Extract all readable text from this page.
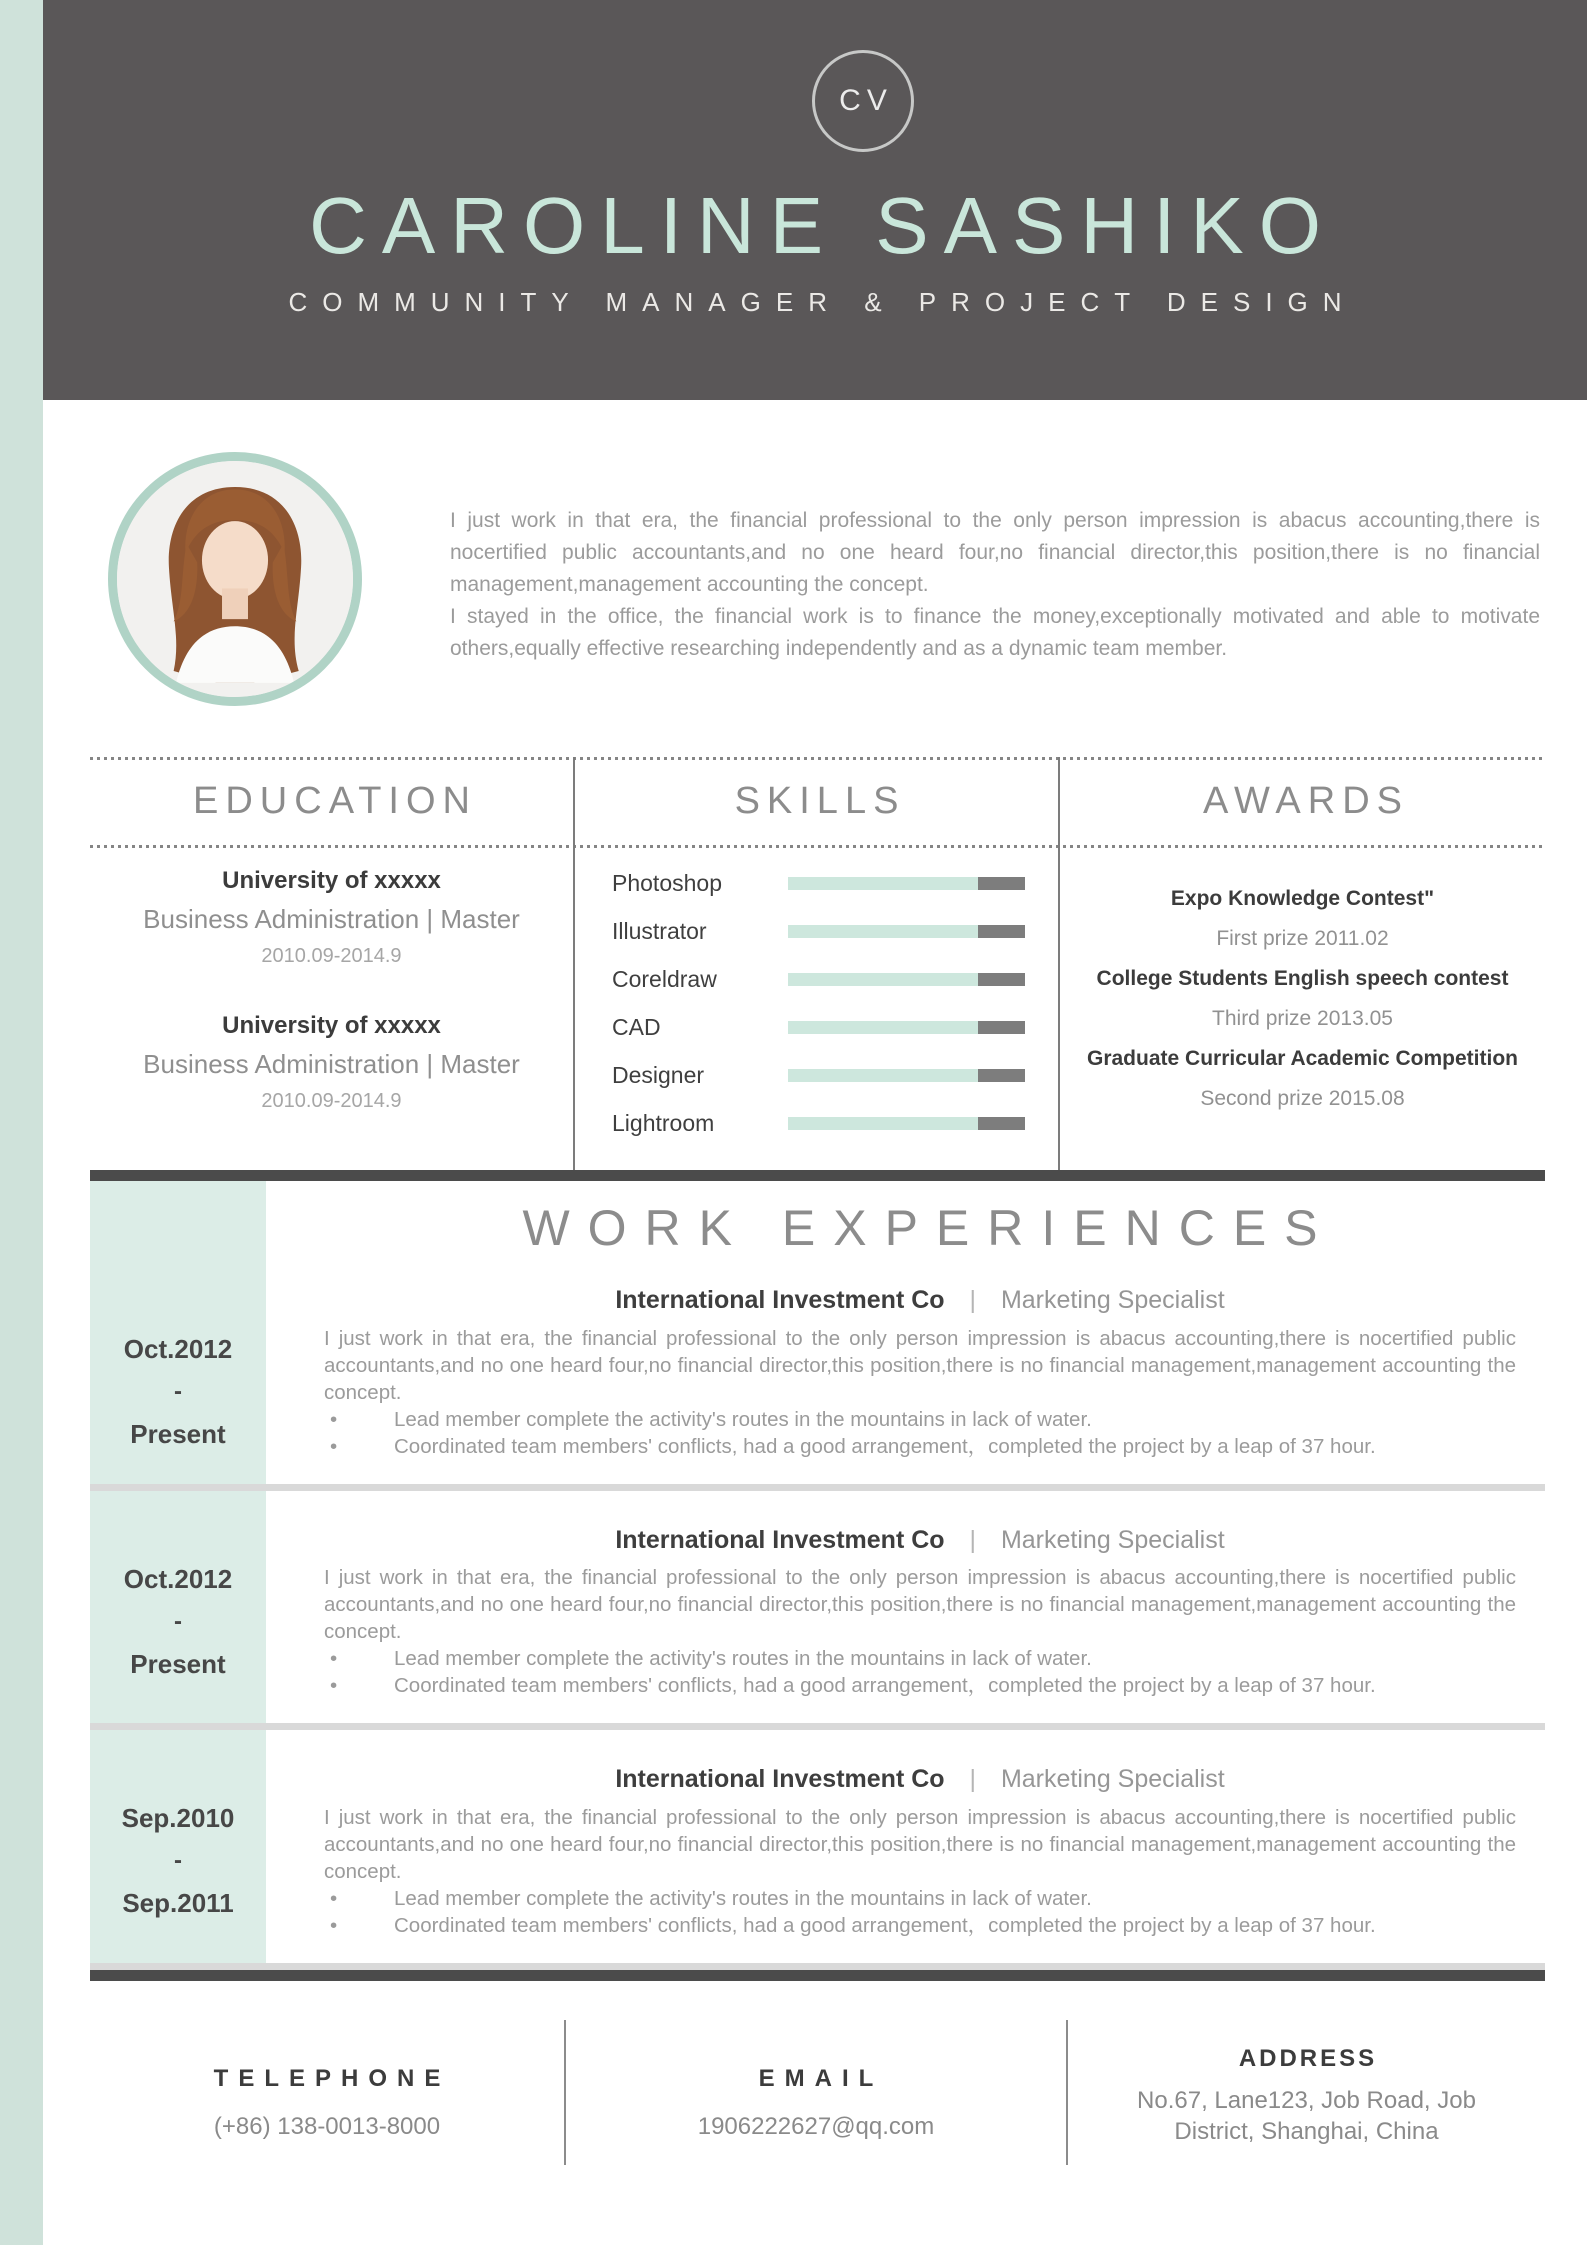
CV
CAROLINE SASHIKO
COMMUNITY MANAGER & PROJECT DESIGN

I just work in that era, the financial professional to the only person impression is abacus accounting,there is nocertified public accountants,and no one heard four,no financial director,this position,there is no financial management,management accounting the concept.

I stayed in the office, the financial work is to finance the money,exceptionally motivated and able to motivate others,equally effective researching independently and as a dynamic team member.

EDUCATION
University of xxxxx
Business Administration | Master
2010.09-2014.9
University of xxxxx
Business Administration | Master
2010.09-2014.9
SKILLS
Photoshop
Illustrator
Coreldraw
CAD
Designer
Lightroom
AWARDS
Expo Knowledge Contest"
First prize 2011.02
College Students English speech contest
Third prize 2013.05
Graduate Curricular Academic Competition
Second prize 2015.08
Oct.2012
-
Present
WORK EXPERIENCES
International Investment Co | Marketing Specialist

I just work in that era, the financial professional to the only person impression is abacus accounting,there is nocertified public accountants,and no one heard four,no financial director,this position,there is no financial management,management accounting the concept.

•	Lead member complete the activity's routes in the mountains in lack of water.
•	Coordinated team members' conflicts, had a good arrangement，completed the project by a leap of 37 hour.
Oct.2012
-
Present
International Investment Co | Marketing Specialist

I just work in that era, the financial professional to the only person impression is abacus accounting,there is nocertified public accountants,and no one heard four,no financial director,this position,there is no financial management,management accounting the concept.

•	Lead member complete the activity's routes in the mountains in lack of water.
•	Coordinated team members' conflicts, had a good arrangement，completed the project by a leap of 37 hour.
Sep.2010
-
Sep.2011
International Investment Co | Marketing Specialist

I just work in that era, the financial professional to the only person impression is abacus accounting,there is nocertified public accountants,and no one heard four,no financial director,this position,there is no financial management,management accounting the concept.

•	Lead member complete the activity's routes in the mountains in lack of water.
•	Coordinated team members' conflicts, had a good arrangement，completed the project by a leap of 37 hour.
TELEPHONE
(+86) 138-0013-8000
EMAIL
1906222627@qq.com
ADDRESS
No.67, Lane123, Job Road, Job District, Shanghai, China
